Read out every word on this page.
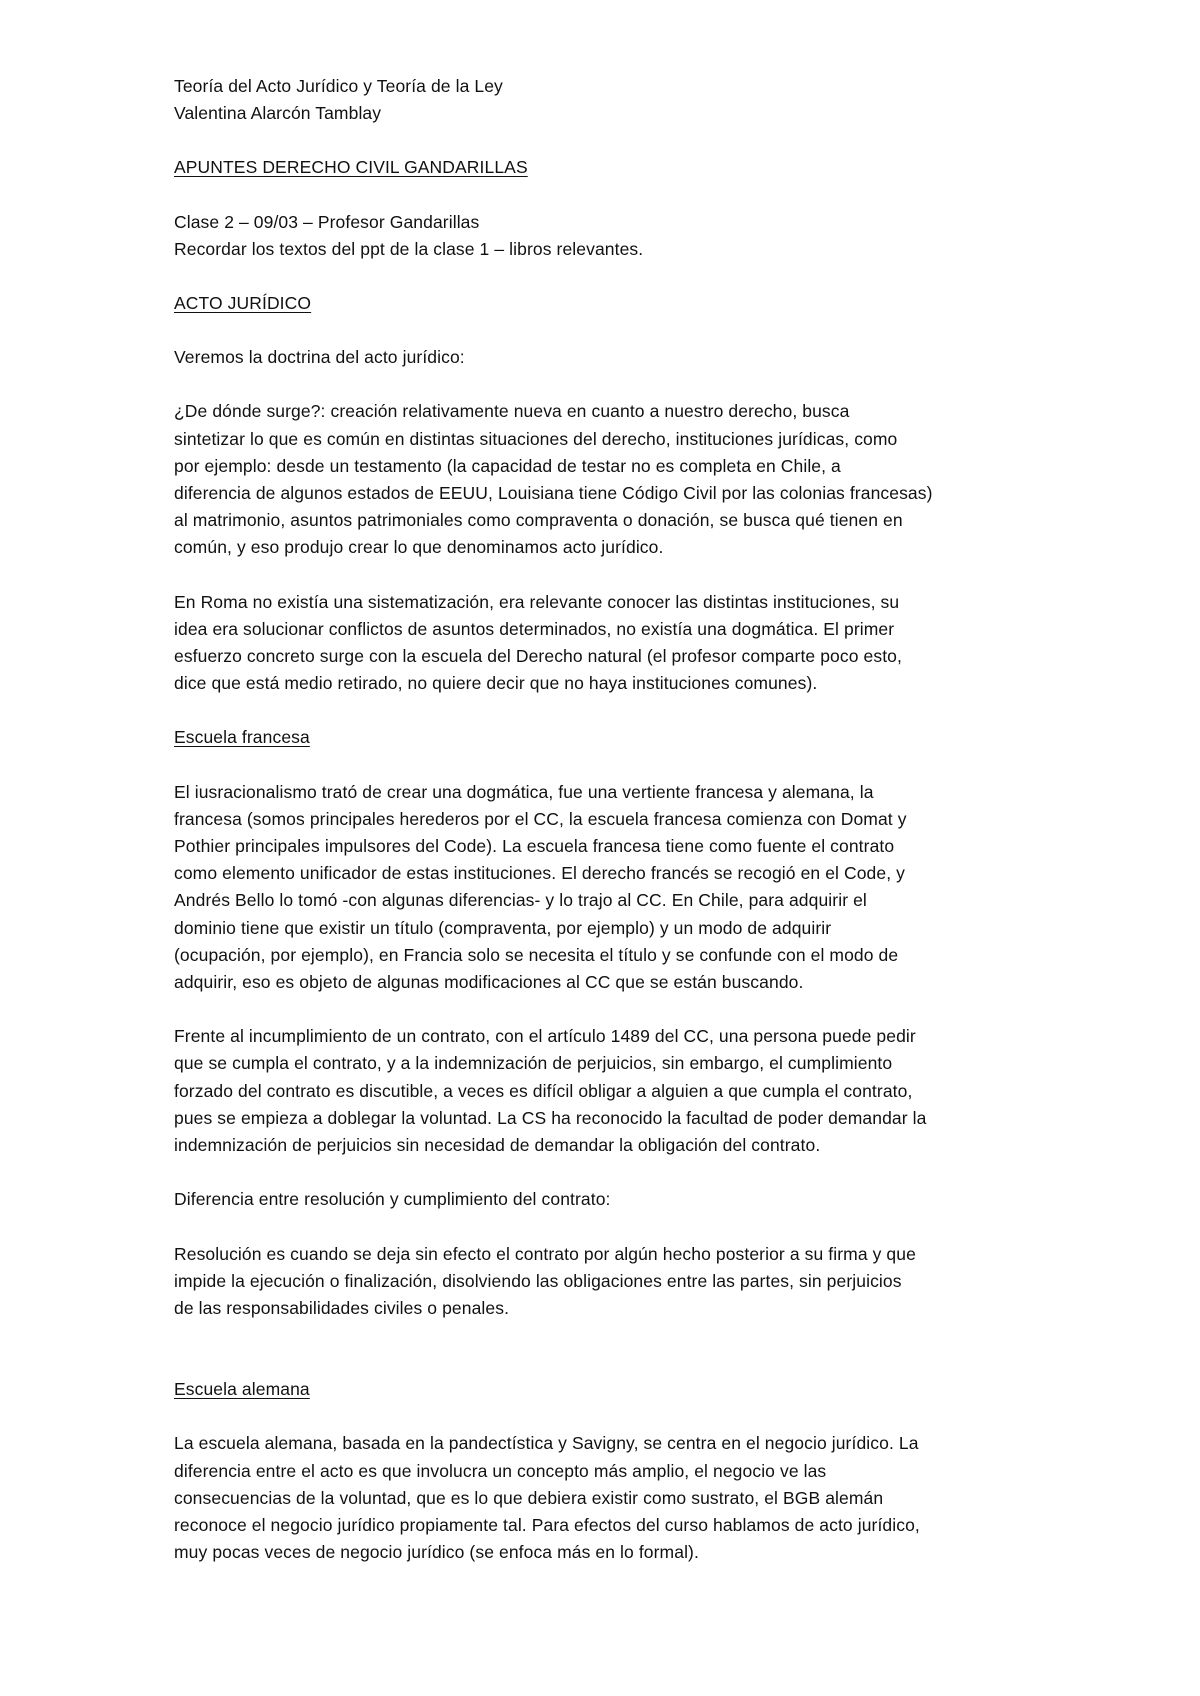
Teoría del Acto Jurídico y Teoría de la Ley

Valentina Alarcón Tamblay

APUNTES DERECHO CIVIL GANDARILLAS

Clase 2 – 09/03 – Profesor Gandarillas

Recordar los textos del ppt de la clase 1 – libros relevantes.

ACTO JURÍDICO

Veremos la doctrina del acto jurídico:

¿De dónde surge?: creación relativamente nueva en cuanto a nuestro derecho, busca

sintetizar lo que es común en distintas situaciones del derecho, instituciones jurídicas, como

por ejemplo: desde un testamento (la capacidad de testar no es completa en Chile, a

diferencia de algunos estados de EEUU, Louisiana tiene Código Civil por las colonias francesas)

al matrimonio, asuntos patrimoniales como compraventa o donación, se busca qué tienen en

común, y eso produjo crear lo que denominamos acto jurídico.

En Roma no existía una sistematización, era relevante conocer las distintas instituciones, su

idea era solucionar conflictos de asuntos determinados, no existía una dogmática. El primer

esfuerzo concreto surge con la escuela del Derecho natural (el profesor comparte poco esto,

dice que está medio retirado, no quiere decir que no haya instituciones comunes).

Escuela francesa

El iusracionalismo trató de crear una dogmática, fue una vertiente francesa y alemana, la

francesa (somos principales herederos por el CC, la escuela francesa comienza con Domat y

Pothier principales impulsores del Code). La escuela francesa tiene como fuente el contrato

como elemento unificador de estas instituciones. El derecho francés se recogió en el Code, y

Andrés Bello lo tomó -con algunas diferencias- y lo trajo al CC. En Chile, para adquirir el

dominio tiene que existir un título (compraventa, por ejemplo) y un modo de adquirir

(ocupación, por ejemplo), en Francia solo se necesita el título y se confunde con el modo de

adquirir, eso es objeto de algunas modificaciones al CC que se están buscando.

Frente al incumplimiento de un contrato, con el artículo 1489 del CC, una persona puede pedir

que se cumpla el contrato, y a la indemnización de perjuicios, sin embargo, el cumplimiento

forzado del contrato es discutible, a veces es difícil obligar a alguien a que cumpla el contrato,

pues se empieza a doblegar la voluntad. La CS ha reconocido la facultad de poder demandar la

indemnización de perjuicios sin necesidad de demandar la obligación del contrato.

Diferencia entre resolución y cumplimiento del contrato:

Resolución es cuando se deja sin efecto el contrato por algún hecho posterior a su firma y que

impide la ejecución o finalización, disolviendo las obligaciones entre las partes, sin perjuicios

de las responsabilidades civiles o penales.

Escuela alemana

La escuela alemana, basada en la pandectística y Savigny, se centra en el negocio jurídico. La

diferencia entre el acto es que involucra un concepto más amplio, el negocio ve las

consecuencias de la voluntad, que es lo que debiera existir como sustrato, el BGB alemán

reconoce el negocio jurídico propiamente tal. Para efectos del curso hablamos de acto jurídico,

muy pocas veces de negocio jurídico (se enfoca más en lo formal).
